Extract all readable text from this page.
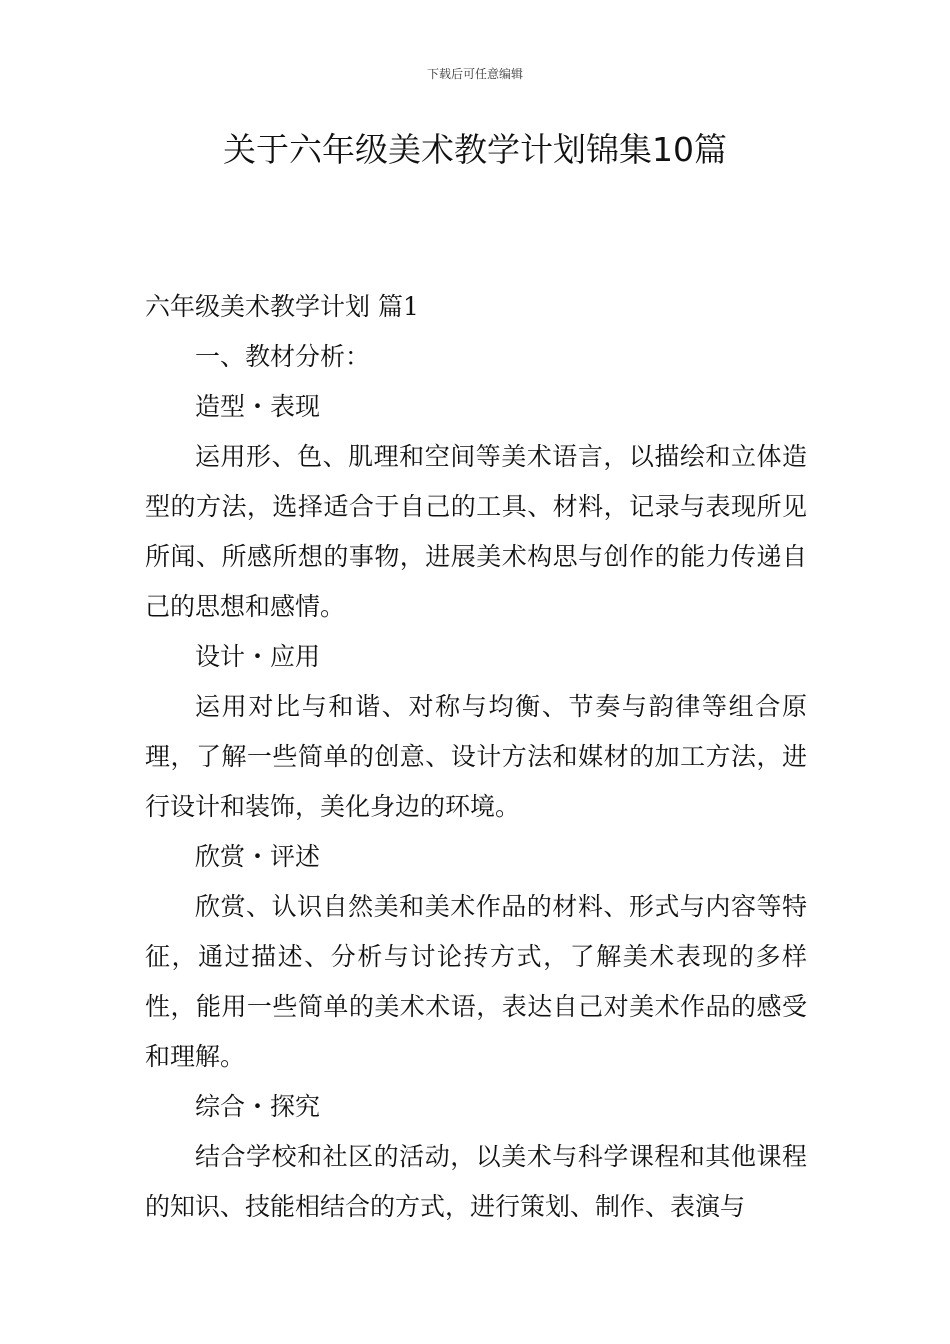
下载后可任意编辑
关于六年级美术教学计划锦集10篇

六年级美术教学计划 篇1

一、教材分析：

造型・表现

运用形、色、肌理和空间等美术语言，以描绘和立体造型的方法，选择适合于自己的工具、材料，记录与表现所见所闻、所感所想的事物，进展美术构思与创作的能力传递自己的思想和感情。

设计・应用

运用对比与和谐、对称与均衡、节奏与韵律等组合原理，了解一些简单的创意、设计方法和媒材的加工方法，进行设计和装饰，美化身边的环境。

欣赏・评述

欣赏、认识自然美和美术作品的材料、形式与内容等特征，通过描述、分析与讨论抟方式，了解美术表现的多样性，能用一些简单的美术术语，表达自己对美术作品的感受和理解。

综合・探究

结合学校和社区的活动，以美术与科学课程和其他课程的知识、技能相结合的方式，进行策划、制作、表演与
